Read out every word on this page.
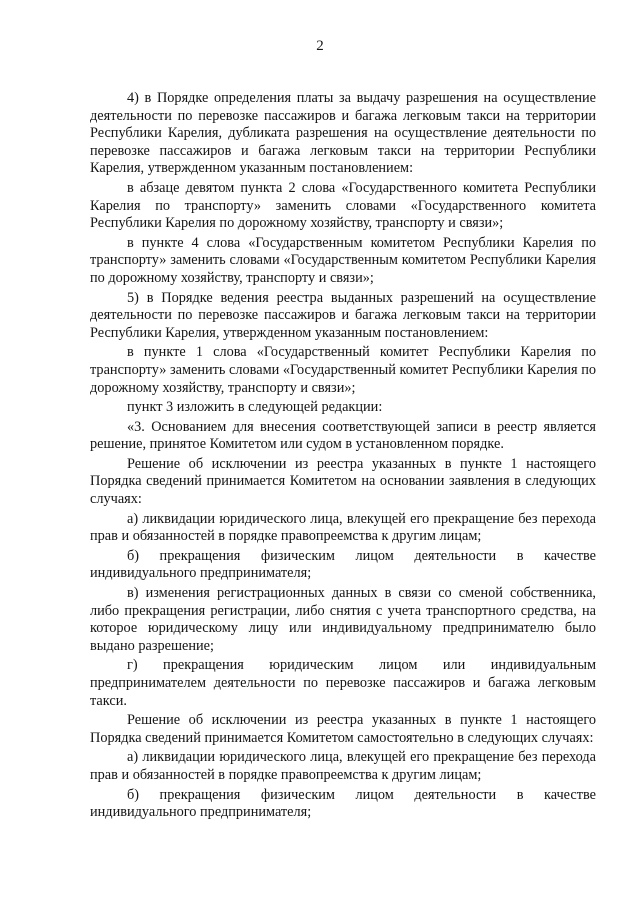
2

4) в Порядке определения платы за выдачу разрешения на осуществление деятельности по перевозке пассажиров и багажа легковым такси на территории Республики Карелия, дубликата разрешения на осуществление деятельности по перевозке пассажиров и багажа легковым такси на территории Республики Карелия, утвержденном указанным постановлением:

в абзаце девятом пункта 2 слова «Государственного комитета Республики Карелия по транспорту» заменить словами «Государственного комитета Республики Карелия по дорожному хозяйству, транспорту и связи»;

в пункте 4 слова «Государственным комитетом Республики Карелия по транспорту» заменить словами «Государственным комитетом Республики Карелия по дорожному хозяйству, транспорту и связи»;

5) в Порядке ведения реестра выданных разрешений на осуществление деятельности по перевозке пассажиров и багажа легковым такси на территории Республики Карелия, утвержденном указанным постановлением:

в пункте 1 слова «Государственный комитет Республики Карелия по транспорту» заменить словами «Государственный комитет Республики Карелия по дорожному хозяйству, транспорту и связи»;

пункт 3 изложить в следующей редакции:

«3. Основанием для внесения соответствующей записи в реестр является решение, принятое Комитетом или судом в установленном порядке.

Решение об исключении из реестра указанных в пункте 1 настоящего Порядка сведений принимается Комитетом на основании заявления в следующих случаях:

а) ликвидации юридического лица, влекущей его прекращение без перехода прав и обязанностей в порядке правопреемства к другим лицам;

б) прекращения физическим лицом деятельности в качестве индивидуального предпринимателя;

в) изменения регистрационных данных в связи со сменой собственника, либо прекращения регистрации, либо снятия с учета транспортного средства, на которое юридическому лицу или индивидуальному предпринимателю было выдано разрешение;

г) прекращения юридическим лицом или индивидуальным предпринимателем деятельности по перевозке пассажиров и багажа легковым такси.

Решение об исключении из реестра указанных в пункте 1 настоящего Порядка сведений принимается Комитетом самостоятельно в следующих случаях:

а) ликвидации юридического лица, влекущей его прекращение без перехода прав и обязанностей в порядке правопреемства к другим лицам;

б) прекращения физическим лицом деятельности в качестве индивидуального предпринимателя;
